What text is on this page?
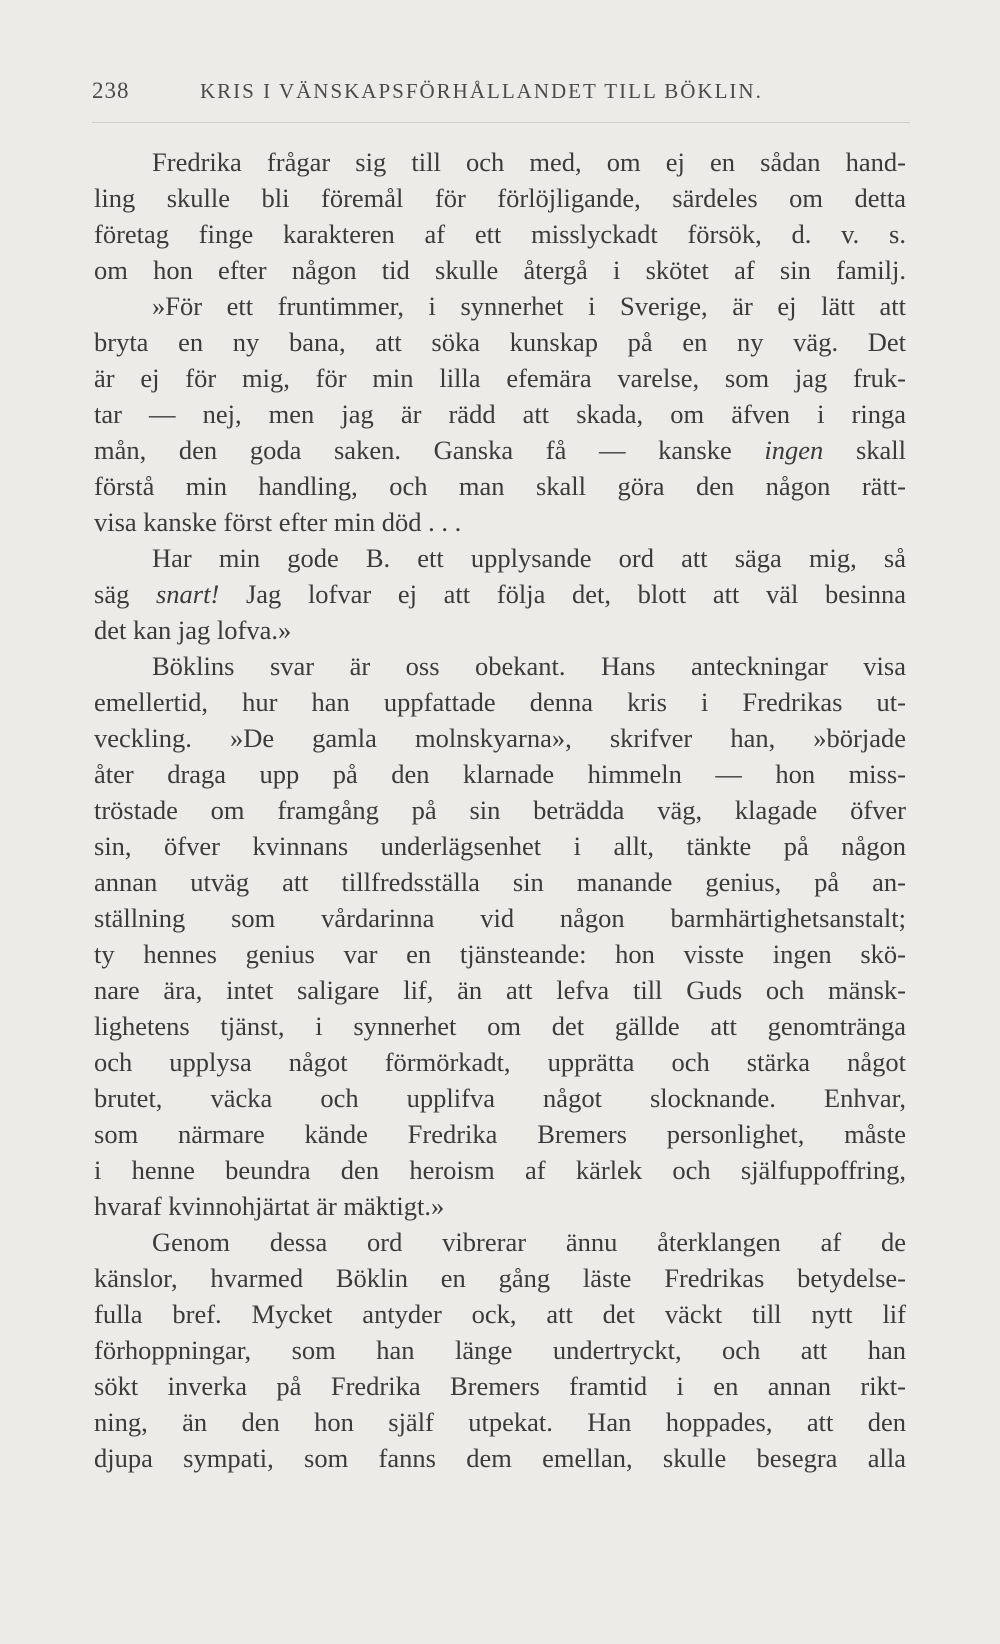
238	KRIS I VÄNSKAPSFÖRHÅLLANDET TILL BÖKLIN.
Fredrika frågar sig till och med, om ej en sådan hand-
ling skulle bli föremål för förlöjligande, särdeles om detta
företag finge karakteren af ett misslyckadt försök, d. v. s.
om hon efter någon tid skulle återgå i skötet af sin familj.
»För ett fruntimmer, i synnerhet i Sverige, är ej lätt att
bryta en ny bana, att söka kunskap på en ny väg. Det
är ej för mig, för min lilla efemära varelse, som jag fruk-
tar — nej, men jag är rädd att skada, om äfven i ringa
mån, den goda saken. Ganska få — kanske ingen skall
förstå min handling, och man skall göra den någon rätt-
visa kanske först efter min död . . .
Har min gode B. ett upplysande ord att säga mig, så
säg snart! Jag lofvar ej att följa det, blott att väl besinna
det kan jag lofva.»
Böklins svar är oss obekant. Hans anteckningar visa
emellertid, hur han uppfattade denna kris i Fredrikas ut-
veckling. »De gamla molnskyarna», skrifver han, »började
åter draga upp på den klarnade himmeln — hon miss-
tröstade om framgång på sin beträdda väg, klagade öfver
sin, öfver kvinnans underlägsenhet i allt, tänkte på någon
annan utväg att tillfredsställa sin manande genius, på an-
ställning som vårdarinna vid någon barmhärtighetsanstalt;
ty hennes genius var en tjänsteande: hon visste ingen skö-
nare ära, intet saligare lif, än att lefva till Guds och mänsk-
lighetens tjänst, i synnerhet om det gällde att genomtränga
och upplysa något förmörkadt, upprätta och stärka något
brutet, väcka och upplifva något slocknande. Enhvar,
som närmare kände Fredrika Bremers personlighet, måste
i henne beundra den heroism af kärlek och själfuppoffring,
hvaraf kvinnohjärtat är mäktigt.»
Genom dessa ord vibrerar ännu återklangen af de
känslor, hvarmed Böklin en gång läste Fredrikas betydelse-
fulla bref. Mycket antyder ock, att det väckt till nytt lif
förhoppningar, som han länge undertryckt, och att han
sökt inverka på Fredrika Bremers framtid i en annan rikt-
ning, än den hon själf utpekat. Han hoppades, att den
djupa sympati, som fanns dem emellan, skulle besegra alla
